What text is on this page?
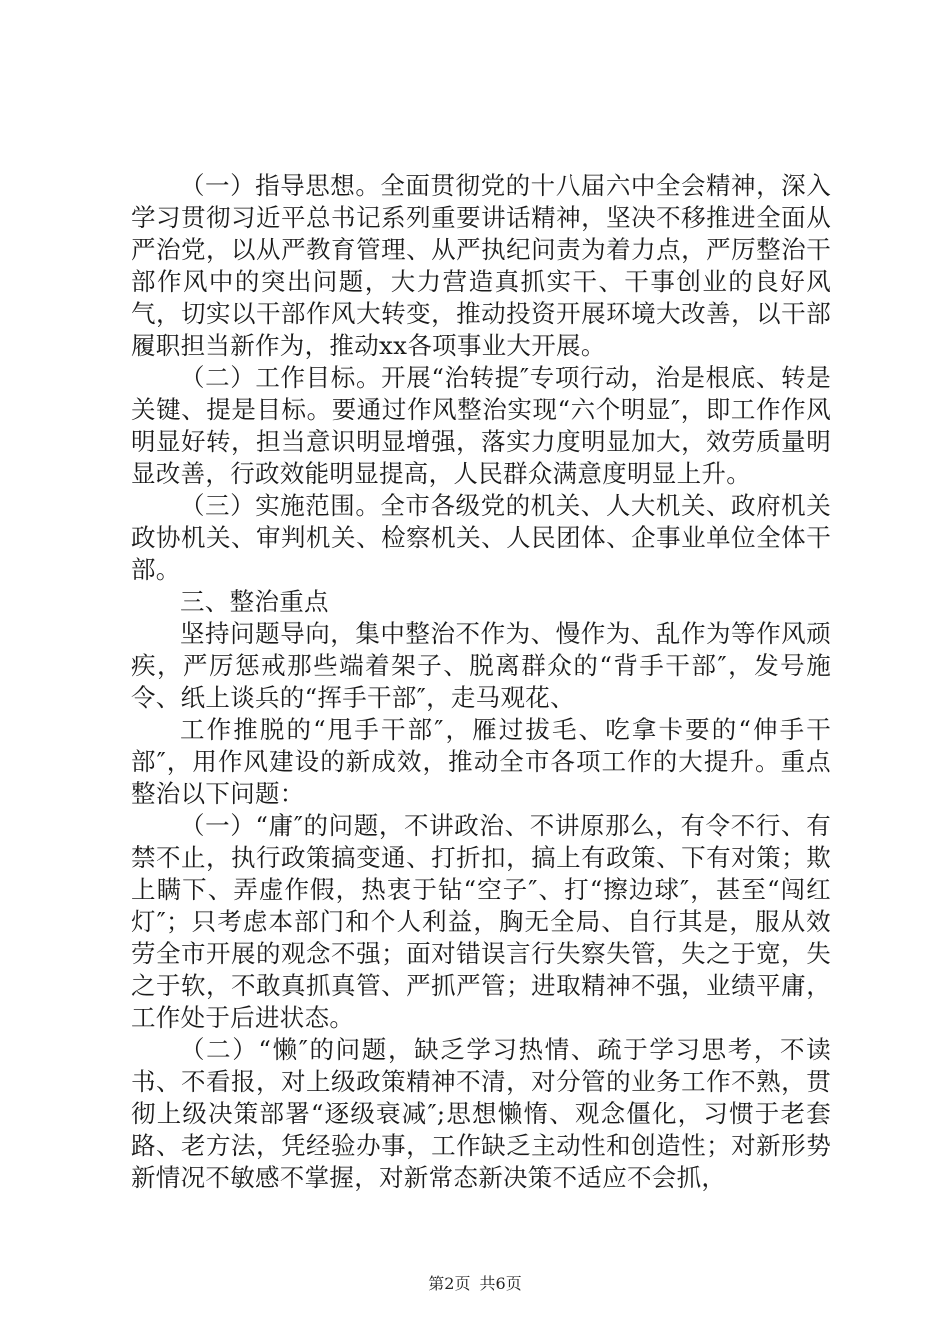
（一）指导思想。全面贯彻党的十八届六中全会精神，深入学习贯彻习近平总书记系列重要讲话精神，坚决不移推进全面从严治党，以从严教育管理、从严执纪问责为着力点，严厉整治干部作风中的突出问题，大力营造真抓实干、干事创业的良好风气，切实以干部作风大转变，推动投资开展环境大改善，以干部履职担当新作为，推动xx各项事业大开展。

（二）工作目标。开展“治转提″专项行动，治是根底、转是关键、提是目标。要通过作风整治实现“六个明显″，即工作作风明显好转，担当意识明显增强，落实力度明显加大，效劳质量明显改善，行政效能明显提高，人民群众满意度明显上升。

（三）实施范围。全市各级党的机关、人大机关、政府机关政协机关、审判机关、检察机关、人民团体、企事业单位全体干部。

三、整治重点

坚持问题导向，集中整治不作为、慢作为、乱作为等作风顽疾，严厉惩戒那些端着架子、脱离群众的“背手干部″，发号施令、纸上谈兵的“挥手干部″，走马观花、

工作推脱的“甩手干部″，雁过拔毛、吃拿卡要的“伸手干部″，用作风建设的新成效，推动全市各项工作的大提升。重点整治以下问题：

（一）“庸″的问题，不讲政治、不讲原那么，有令不行、有禁不止，执行政策搞变通、打折扣，搞上有政策、下有对策；欺上瞒下、弄虚作假，热衷于钻“空子″、打“擦边球″，甚至“闯红灯″；只考虑本部门和个人利益，胸无全局、自行其是，服从效劳全市开展的观念不强；面对错误言行失察失管，失之于宽，失之于软，不敢真抓真管、严抓严管；进取精神不强，业绩平庸，工作处于后进状态。

（二）“懒″的问题，缺乏学习热情、疏于学习思考，不读书、不看报，对上级政策精神不清，对分管的业务工作不熟，贯彻上级决策部署“逐级衰减″;思想懒惰、观念僵化，习惯于老套路、老方法，凭经验办事，工作缺乏主动性和创造性；对新形势新情况不敏感不掌握，对新常态新决策不适应不会抓，

第2页 共6页
